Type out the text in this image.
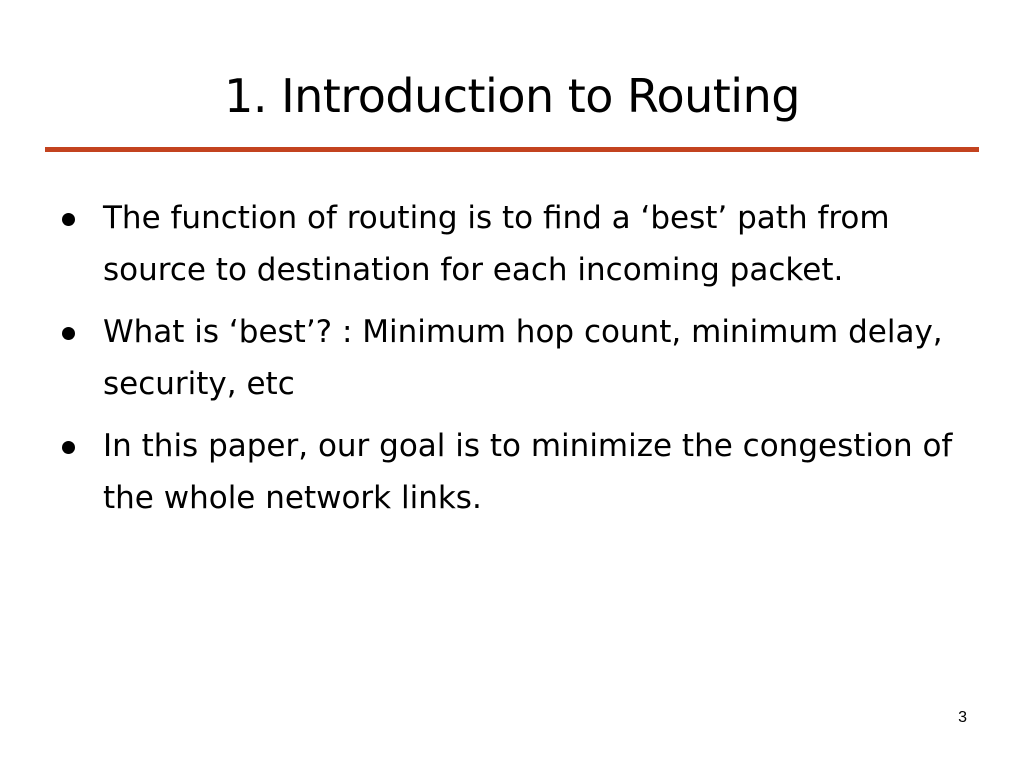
1. Introduction to Routing
The function of routing is to find a ‘best’ path from source to destination for each incoming packet.
What is ‘best’? : Minimum hop count, minimum delay, security, etc
In this paper, our goal is to minimize the congestion of the whole network links.
3
